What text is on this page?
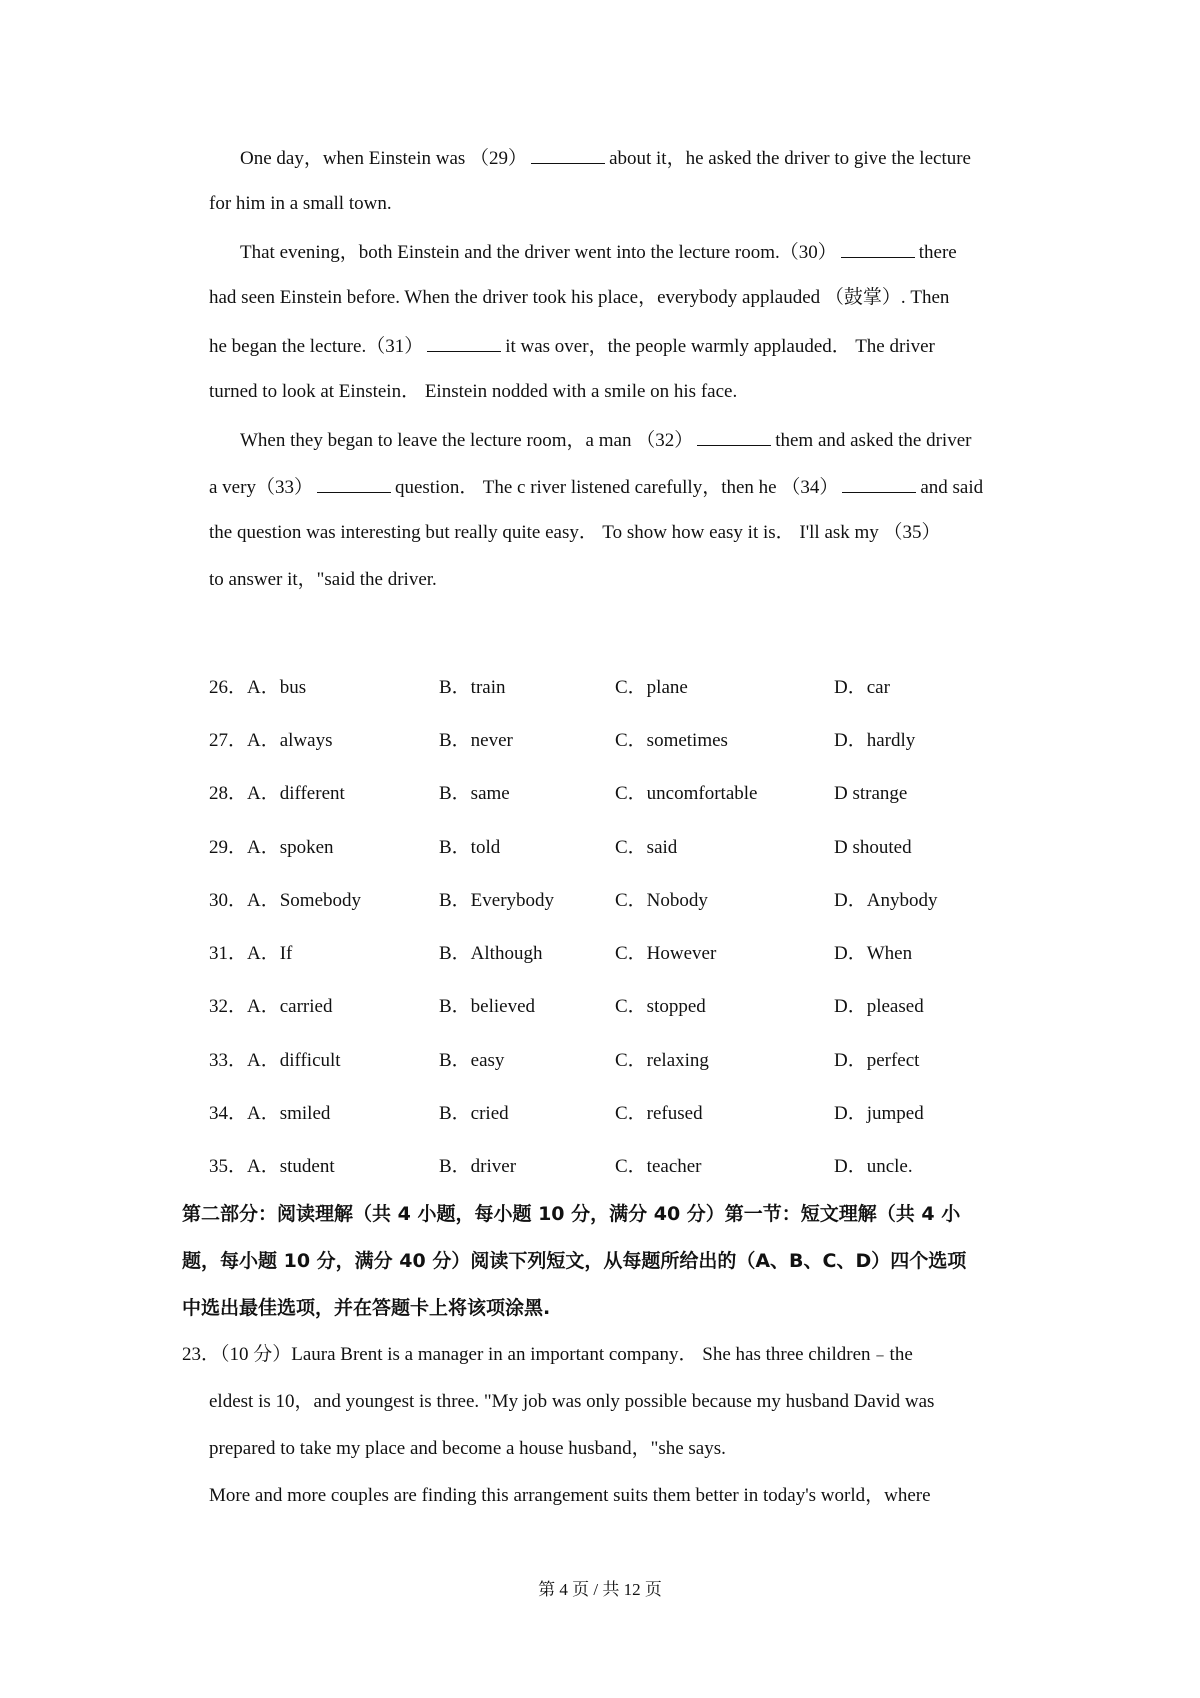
One day，when Einstein was （29）	about it，he asked the driver to give the lecture
for him in a small town.
That evening，both Einstein and the driver went into the lecture room.（30）	there
had seen Einstein before. When the driver took his place，everybody applauded （鼓掌）. Then
he began the lecture.（31）	it was over，the people warmly applauded． The driver
turned to look at Einstein． Einstein nodded with a smile on his face.
When they began to leave the lecture room，a man （32）	them and asked the driver
a very（33）	question． The c river listened carefully，then he （34）	and said
the question was interesting but really quite easy． To show how easy it is． I'll ask my （35）
to answer it，"said the driver.
26．A．bus	B．train	C．plane	D．car
27．A．always	B．never	C．sometimes	D．hardly
28．A．different	B．same	C．uncomfortable	D strange
29．A．spoken	B．told	C．said	D shouted
30．A．Somebody	B．Everybody	C．Nobody	D．Anybody
31．A．If	B．Although	C．However	D．When
32．A．carried	B．believed	C．stopped	D．pleased
33．A．difficult	B．easy	C．relaxing	D．perfect
34．A．smiled	B．cried	C．refused	D．jumped
35．A．student	B．driver	C．teacher	D．uncle.
第二部分：阅读理解（共 4 小题，每小题 10 分，满分 40 分）第一节：短文理解（共 4 小
题，每小题 10 分，满分 40 分）阅读下列短文，从每题所给出的（A、B、C、D）四个选项
中选出最佳选项，并在答题卡上将该项涂黑.
23．（10 分）Laura Brent is a manager in an important company． She has three children﹣the
eldest is 10，and youngest is three. "My job was only possible because my husband David was
prepared to take my place and become a house husband，"she says.
More and more couples are finding this arrangement suits them better in today's world，where
第 4 页 / 共 12 页
